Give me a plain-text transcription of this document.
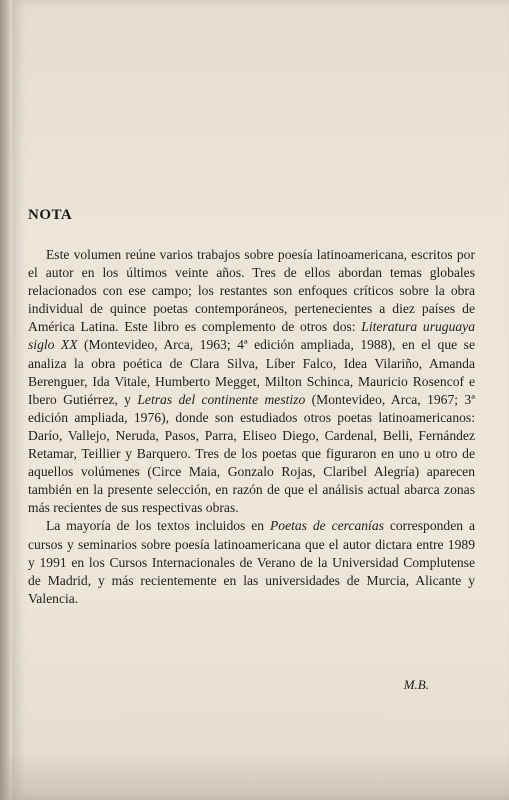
NOTA

Este volumen reúne varios trabajos sobre poesía latinoamericana, escritos por el autor en los últimos veinte años. Tres de ellos abordan temas globales relacionados con ese campo; los restantes son enfoques críticos sobre la obra individual de quince poetas contemporáneos, pertenecientes a diez países de América Latina. Este libro es complemento de otros dos: Literatura uruguaya siglo XX (Montevideo, Arca, 1963; 4ª edición ampliada, 1988), en el que se analiza la obra poética de Clara Silva, Líber Falco, Idea Vilariño, Amanda Berenguer, Ida Vitale, Humberto Megget, Milton Schinca, Mauricio Rosencof e Ibero Gutiérrez, y Letras del continente mestizo (Montevideo, Arca, 1967; 3ª edición ampliada, 1976), donde son estudiados otros poetas latinoamericanos: Darío, Vallejo, Neruda, Pasos, Parra, Eliseo Diego, Cardenal, Belli, Fernández Retamar, Teillier y Barquero. Tres de los poetas que figuraron en uno u otro de aquellos volúmenes (Circe Maia, Gonzalo Rojas, Claribel Alegría) aparecen también en la presente selección, en razón de que el análisis actual abarca zonas más recientes de sus respectivas obras.

La mayoría de los textos incluidos en Poetas de cercanías corresponden a cursos y seminarios sobre poesía latinoamericana que el autor dictara entre 1989 y 1991 en los Cursos Internacionales de Verano de la Universidad Complutense de Madrid, y más recientemente en las universidades de Murcia, Alicante y Valencia.

M.B.
